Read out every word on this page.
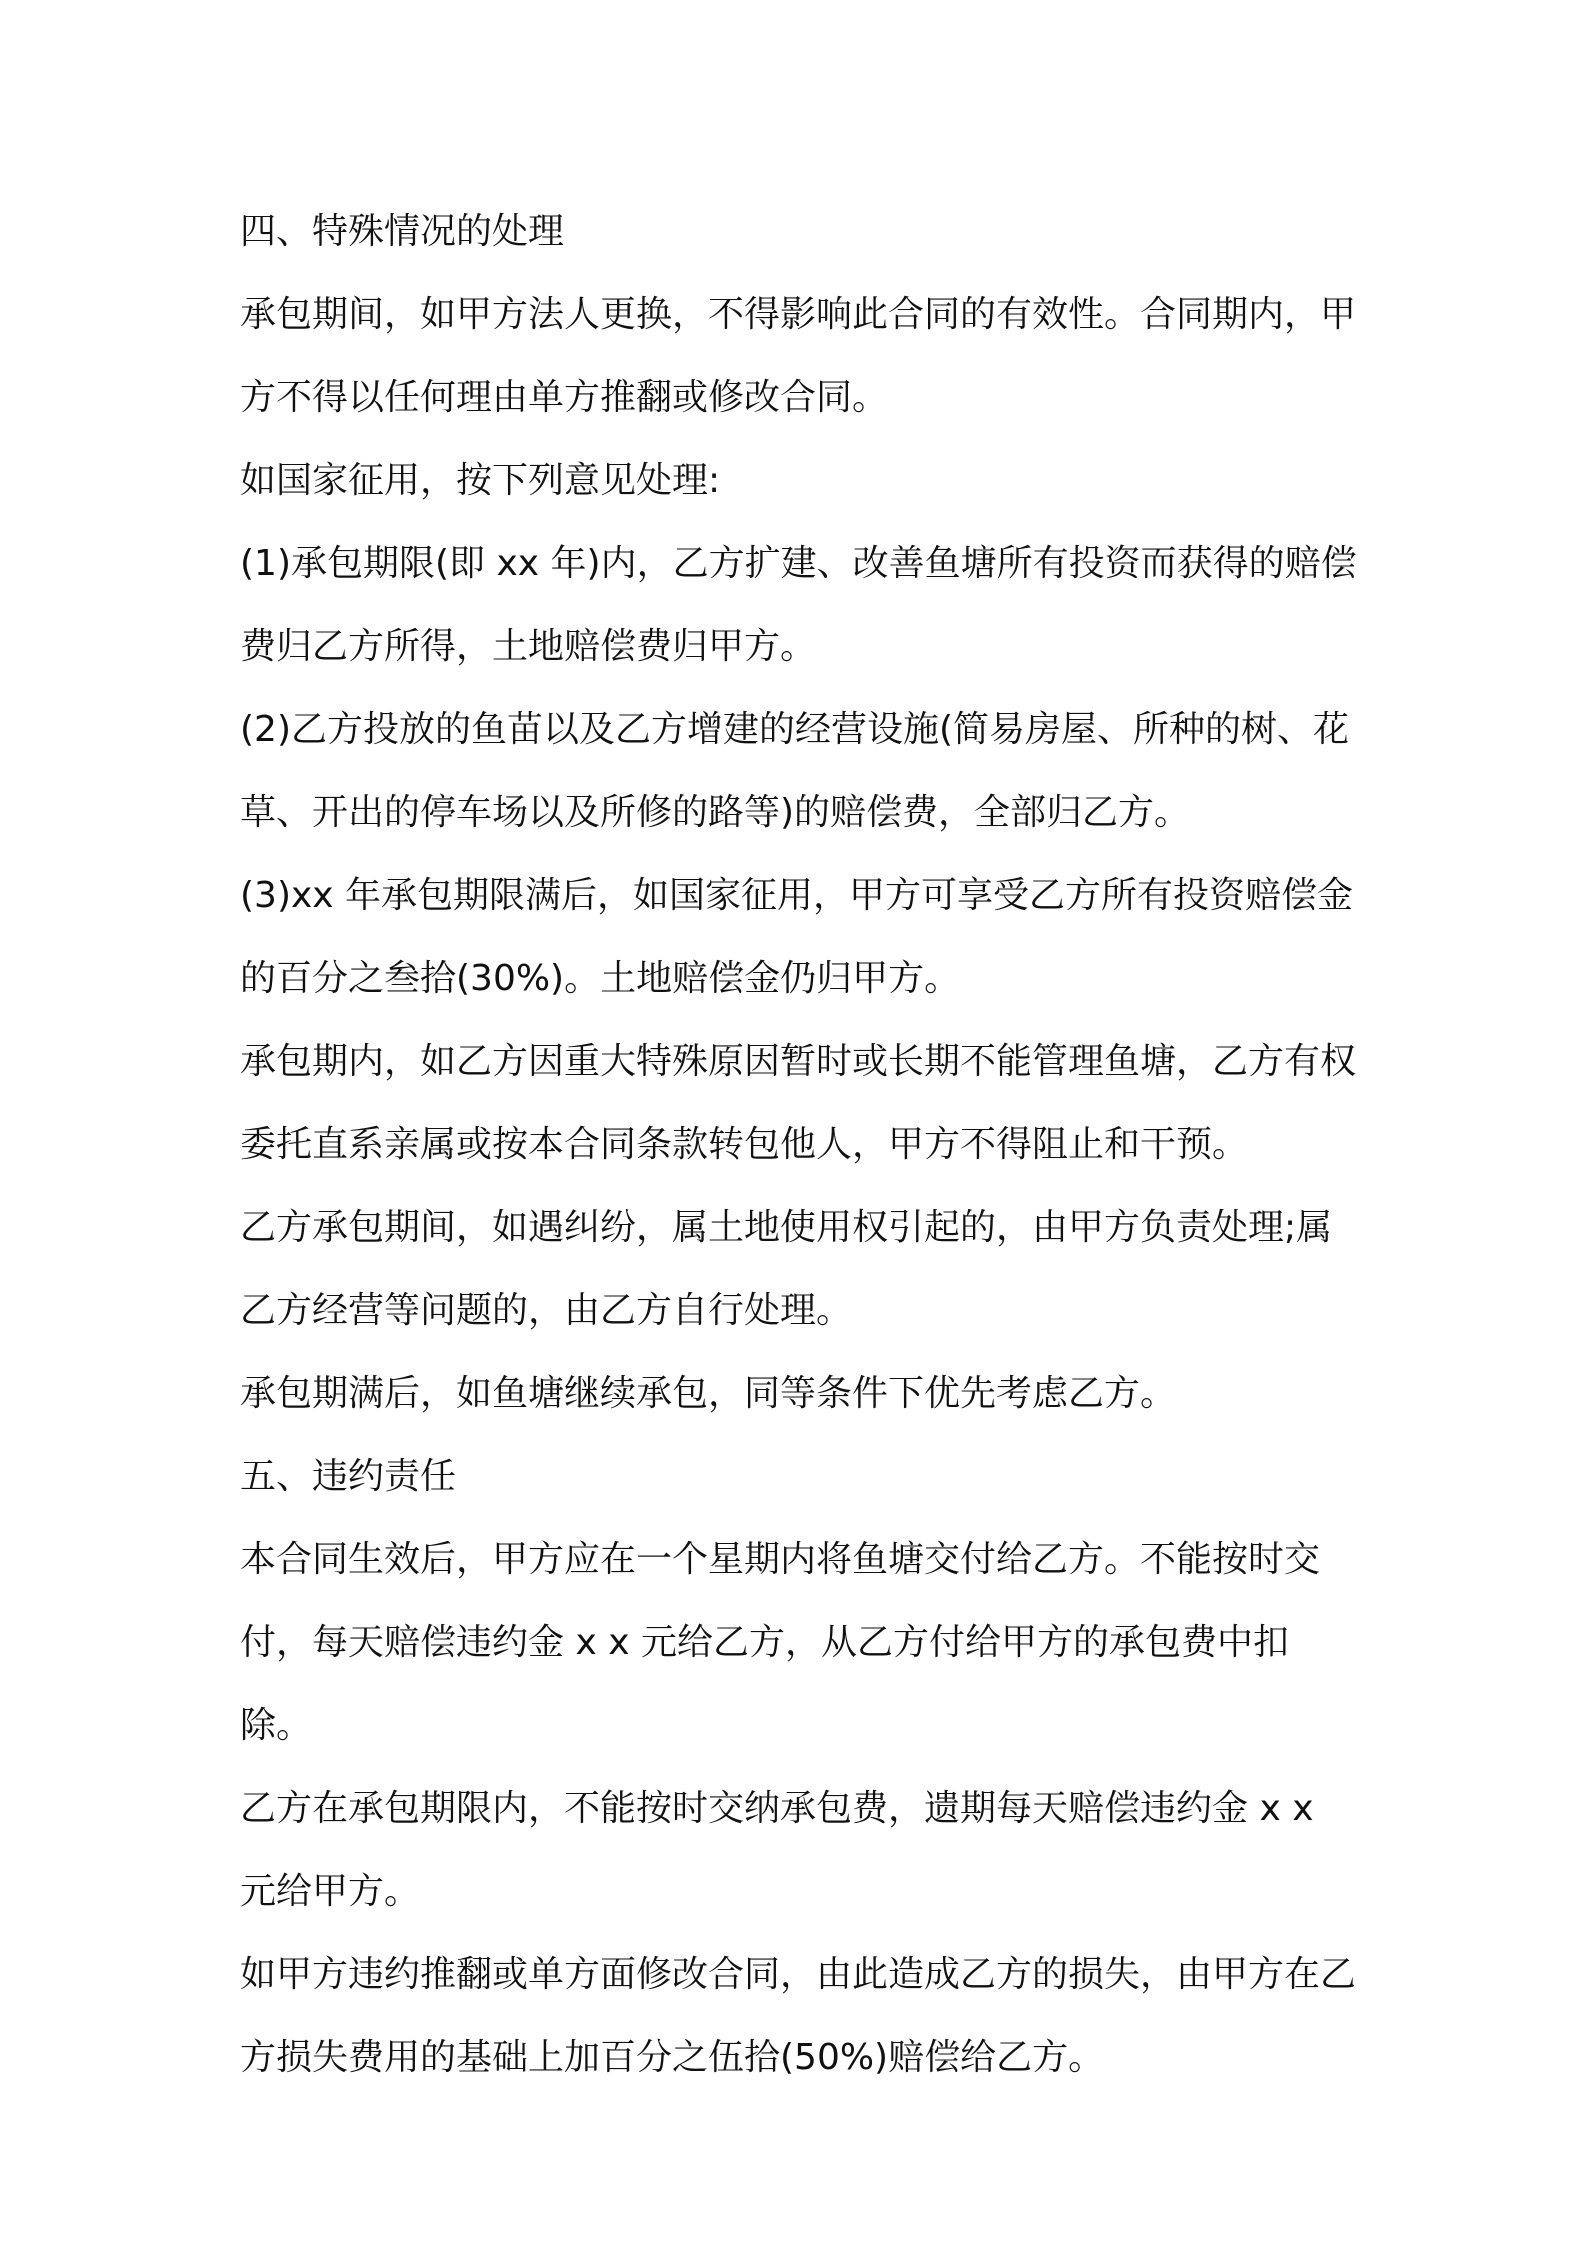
四、特殊情况的处理

承包期间，如甲方法人更换，不得影响此合同的有效性。合同期内，甲方不得以任何理由单方推翻或修改合同。

如国家征用，按下列意见处理:

(1)承包期限(即 xx 年)内，乙方扩建、改善鱼塘所有投资而获得的赔偿费归乙方所得，土地赔偿费归甲方。

(2)乙方投放的鱼苗以及乙方增建的经营设施(简易房屋、所种的树、花草、开出的停车场以及所修的路等)的赔偿费，全部归乙方。

(3)xx 年承包期限满后，如国家征用，甲方可享受乙方所有投资赔偿金的百分之叁拾(30%)。土地赔偿金仍归甲方。

承包期内，如乙方因重大特殊原因暂时或长期不能管理鱼塘，乙方有权委托直系亲属或按本合同条款转包他人，甲方不得阻止和干预。

乙方承包期间，如遇纠纷，属土地使用权引起的，由甲方负责处理;属乙方经营等问题的，由乙方自行处理。

承包期满后，如鱼塘继续承包，同等条件下优先考虑乙方。

五、违约责任

本合同生效后，甲方应在一个星期内将鱼塘交付给乙方。不能按时交付，每天赔偿违约金 x x 元给乙方，从乙方付给甲方的承包费中扣除。

乙方在承包期限内，不能按时交纳承包费，遗期每天赔偿违约金 x x 元给甲方。

如甲方违约推翻或单方面修改合同，由此造成乙方的损失，由甲方在乙方损失费用的基础上加百分之伍拾(50%)赔偿给乙方。
